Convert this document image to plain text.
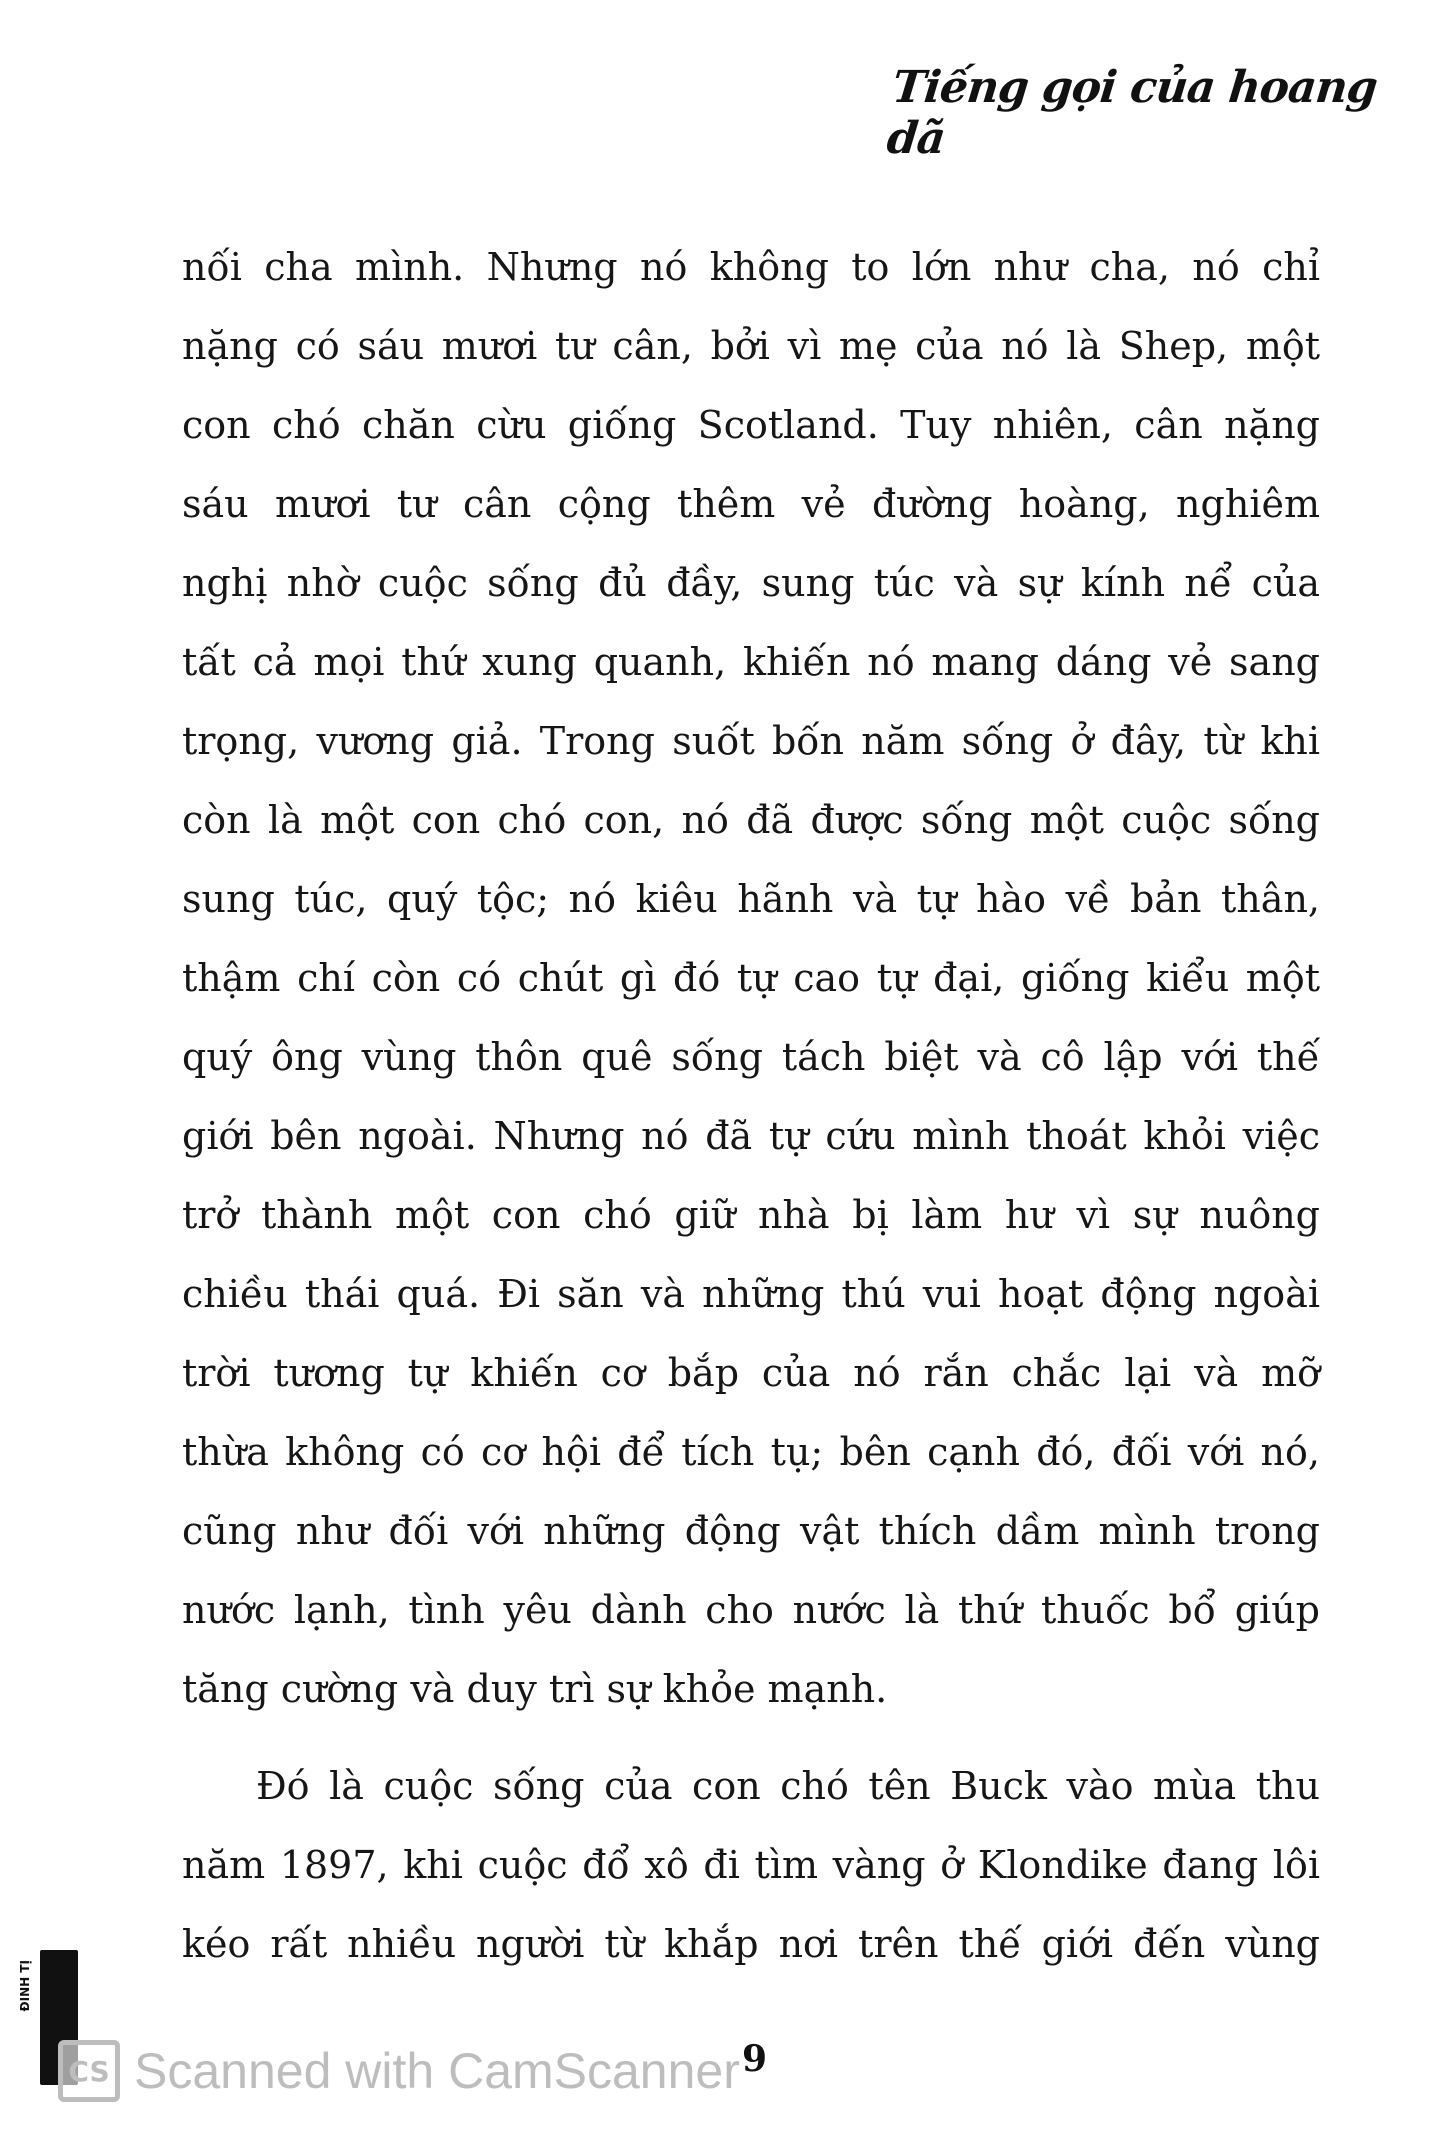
Tiếng gọi của hoang dã
nối cha mình. Nhưng nó không to lớn như cha, nó chỉ
nặng có sáu mươi tư cân, bởi vì mẹ của nó là Shep, một
con chó chăn cừu giống Scotland. Tuy nhiên, cân nặng
sáu mươi tư cân cộng thêm vẻ đường hoàng, nghiêm
nghị nhờ cuộc sống đủ đầy, sung túc và sự kính nể của
tất cả mọi thứ xung quanh, khiến nó mang dáng vẻ sang
trọng, vương giả. Trong suốt bốn năm sống ở đây, từ khi
còn là một con chó con, nó đã được sống một cuộc sống
sung túc, quý tộc; nó kiêu hãnh và tự hào về bản thân,
thậm chí còn có chút gì đó tự cao tự đại, giống kiểu một
quý ông vùng thôn quê sống tách biệt và cô lập với thế
giới bên ngoài. Nhưng nó đã tự cứu mình thoát khỏi việc
trở thành một con chó giữ nhà bị làm hư vì sự nuông
chiều thái quá. Đi săn và những thú vui hoạt động ngoài
trời tương tự khiến cơ bắp của nó rắn chắc lại và mỡ
thừa không có cơ hội để tích tụ; bên cạnh đó, đối với nó,
cũng như đối với những động vật thích dầm mình trong
nước lạnh, tình yêu dành cho nước là thứ thuốc bổ giúp
tăng cường và duy trì sự khỏe mạnh.
Đó là cuộc sống của con chó tên Buck vào mùa thu
năm 1897, khi cuộc đổ xô đi tìm vàng ở Klondike đang lôi
kéo rất nhiều người từ khắp nơi trên thế giới đến vùng
ĐINH TỊ
9
CS Scanned with CamScanner
